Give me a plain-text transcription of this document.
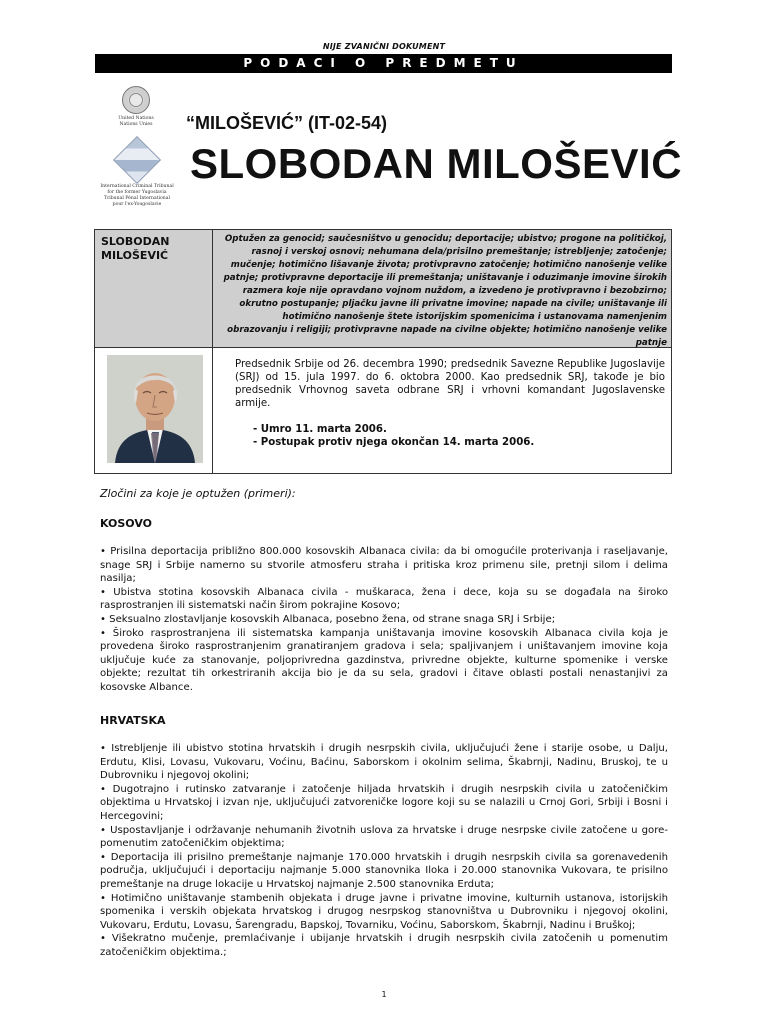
NIJE ZVANIČNI DOKUMENT
PODACI O PREDMETU
United Nations
Nations Unies
International Criminal Tribunal
for the former Yugoslavia
Tribunal Pénal International
pour l'ex-Yougoslavie
“MILOŠEVIĆ” (IT-02-54)
SLOBODAN MILOŠEVIĆ
SLOBODAN MILOŠEVIĆ
Optužen za genocid; saučesništvo u genocidu; deportacije; ubistvo; progone na političkoj, rasnoj i verskoj osnovi; nehumana dela/prisilno premeštanje; istrebljenje; zatočenje; mučenje; hotimično lišavanje života; protivpravno zatočenje; hotimično nanošenje velike patnje; protivpravne deportacije ili premeštanja; uništavanje i oduzimanje imovine širokih razmera koje nije opravdano vojnom nuždom, a izvedeno je protivpravno i bezobzirno; okrutno postupanje; pljačku javne ili privatne imovine; napade na civile; uništavanje ili hotimično nanošenje štete istorijskim spomenicima i ustanovama namenjenim obrazovanju i religiji; protivpravne napade na civilne objekte; hotimično nanošenje velike patnje
Predsednik Srbije od 26. decembra 1990; predsednik Savezne Republike Jugoslavije (SRJ) od 15. jula 1997. do 6. oktobra 2000. Kao predsednik SRJ, takođe je bio predsednik Vrhovnog saveta odbrane SRJ i vrhovni komandant Jugoslavenske armije.
- Umro 11. marta 2006.
- Postupak protiv njega okončan 14. marta 2006.
Zločini za koje je optužen (primeri):
KOSOVO

• Prisilna deportacija približno 800.000 kosovskih Albanaca civila: da bi omogućile proterivanja i raseljavanje, snage SRJ i Srbije namerno su stvorile atmosferu straha i pritiska kroz primenu sile, pretnji silom i delima nasilja;

• Ubistva stotina kosovskih Albanaca civila - muškaraca, žena i dece, koja su se događala na široko rasprostranjen ili sistematski način širom pokrajine Kosovo;

• Seksualno zlostavljanje kosovskih Albanaca, posebno žena, od strane snaga SRJ i Srbije;

• Široko rasprostranjena ili sistematska kampanja uništavanja imovine kosovskih Albanaca civila koja je provedena široko rasprostranjenim granatiranjem gradova i sela; spaljivanjem i uništavanjem imovine koja uključuje kuće za stanovanje, poljoprivredna gazdinstva, privredne objekte, kulturne spomenike i verske objekte; rezultat tih orkestriranih akcija bio je da su sela, gradovi i čitave oblasti postali nenastanjivi za kosovske Albance.

HRVATSKA

• Istrebljenje ili ubistvo stotina hrvatskih i drugih nesrpskih civila, uključujući žene i starije osobe, u Dalju, Erdutu, Klisi, Lovasu, Vukovaru, Voćinu, Baćinu, Saborskom i okolnim selima, Škabrnji, Nadinu, Bruskoj, te u Dubrovniku i njegovoj okolini;

• Dugotrajno i rutinsko zatvaranje i zatočenje hiljada hrvatskih i drugih nesrpskih civila u zatočeničkim objektima u Hrvatskoj i izvan nje, uključujući zatvoreničke logore koji su se nalazili u Crnoj Gori, Srbiji i Bosni i Hercegovini;

• Uspostavljanje i održavanje nehumanih životnih uslova za hrvatske i druge nesrpske civile zatočene u gore-pomenutim zatočeničkim objektima;

• Deportacija ili prisilno premeštanje najmanje 170.000 hrvatskih i drugih nesrpskih civila sa gorenavedenih područja, uključujući i deportaciju najmanje 5.000 stanovnika Iloka i 20.000 stanovnika Vukovara, te prisilno premeštanje na druge lokacije u Hrvatskoj najmanje 2.500 stanovnika Erduta;

• Hotimično uništavanje stambenih objekata i druge javne i privatne imovine, kulturnih ustanova, istorijskih spomenika i verskih objekata hrvatskog i drugog nesrpskog stanovništva u Dubrovniku i njegovoj okolini, Vukovaru, Erdutu, Lovasu, Šarengradu, Bapskoj, Tovarniku, Voćinu, Saborskom, Škabrnji, Nadinu i Bruškoj;

• Višekratno mučenje, premlaćivanje i ubijanje hrvatskih i drugih nesrpskih civila zatočenih u pomenutim zatočeničkim objektima.;

1
